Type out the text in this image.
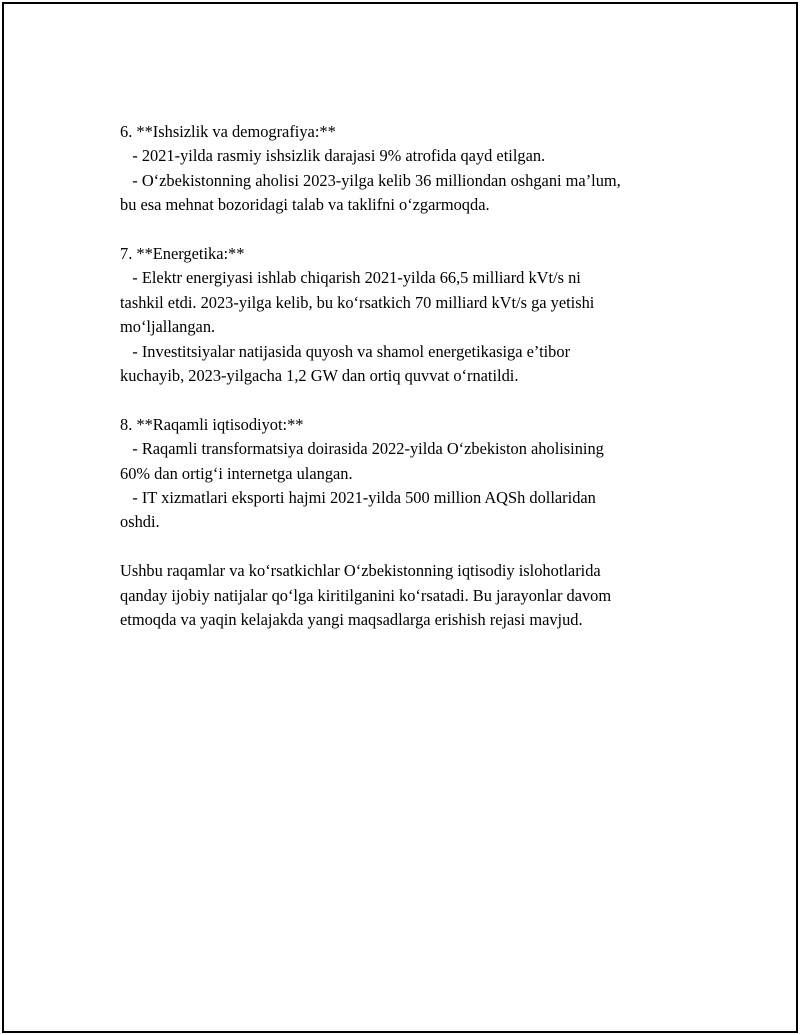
6. **Ishsizlik va demografiya:**
- 2021-yilda rasmiy ishsizlik darajasi 9% atrofida qayd etilgan.
- O‘zbekistonning aholisi 2023-yilga kelib 36 milliondan oshgani ma’lum,
bu esa mehnat bozoridagi talab va taklifni o‘zgarmoqda.
7. **Energetika:**
- Elektr energiyasi ishlab chiqarish 2021-yilda 66,5 milliard kVt/s ni
tashkil etdi. 2023-yilga kelib, bu ko‘rsatkich 70 milliard kVt/s ga yetishi
mo‘ljallangan.
- Investitsiyalar natijasida quyosh va shamol energetikasiga e’tibor
kuchayib, 2023-yilgacha 1,2 GW dan ortiq quvvat o‘rnatildi.
8. **Raqamli iqtisodiyot:**
- Raqamli transformatsiya doirasida 2022-yilda O‘zbekiston aholisining
60% dan ortig‘i internetga ulangan.
- IT xizmatlari eksporti hajmi 2021-yilda 500 million AQSh dollaridan
oshdi.
Ushbu raqamlar va ko‘rsatkichlar O‘zbekistonning iqtisodiy islohotlarida
qanday ijobiy natijalar qo‘lga kiritilganini ko‘rsatadi. Bu jarayonlar davom
etmoqda va yaqin kelajakda yangi maqsadlarga erishish rejasi mavjud.
